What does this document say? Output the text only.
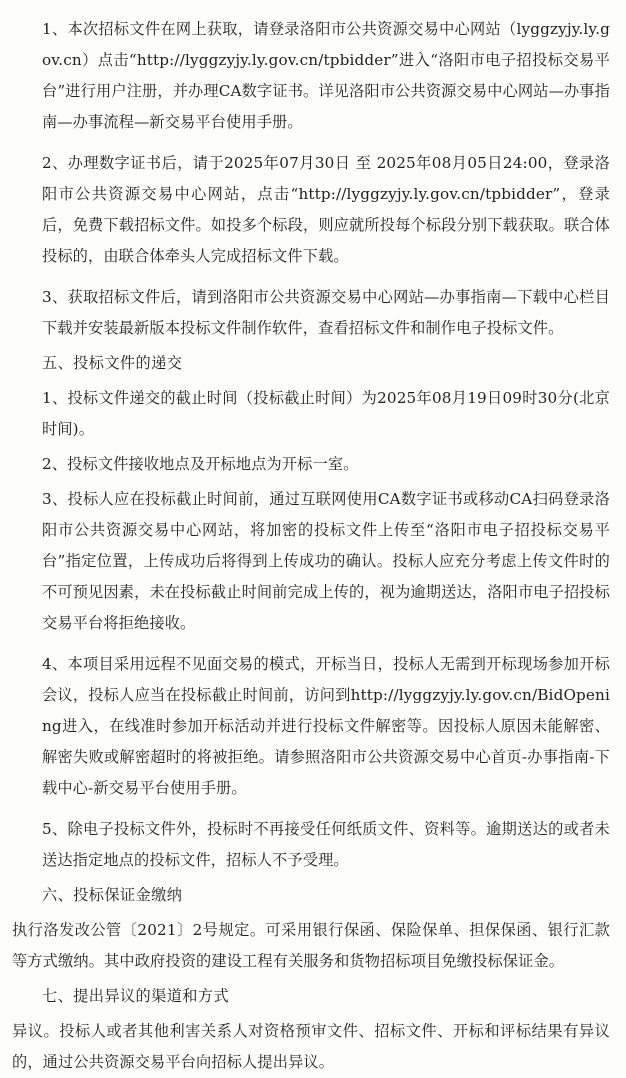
1、本次招标文件在网上获取，请登录洛阳市公共资源交易中心网站（lyggzyjy.ly.gov.cn）点击“http://lyggzyjy.ly.gov.cn/tpbidder”进入“洛阳市电子招投标交易平台”进行用户注册，并办理CA数字证书。详见洛阳市公共资源交易中心网站—办事指南—办事流程—新交易平台使用手册。

2、办理数字证书后，请于2025年07月30日 至 2025年08月05日24:00，登录洛阳市公共资源交易中心网站，点击“http://lyggzyjy.ly.gov.cn/tpbidder”，登录后，免费下载招标文件。如投多个标段，则应就所投每个标段分别下载获取。联合体投标的，由联合体牵头人完成招标文件下载。

3、获取招标文件后，请到洛阳市公共资源交易中心网站—办事指南—下载中心栏目下载并安装最新版本投标文件制作软件，查看招标文件和制作电子投标文件。

五、投标文件的递交

1、投标文件递交的截止时间（投标截止时间）为2025年08月19日09时30分(北京时间)。

2、投标文件接收地点及开标地点为开标一室。

3、投标人应在投标截止时间前，通过互联网使用CA数字证书或移动CA扫码登录洛阳市公共资源交易中心网站，将加密的投标文件上传至“洛阳市电子招投标交易平台”指定位置，上传成功后将得到上传成功的确认。投标人应充分考虑上传文件时的不可预见因素，未在投标截止时间前完成上传的，视为逾期送达，洛阳市电子招投标交易平台将拒绝接收。

4、本项目采用远程不见面交易的模式，开标当日，投标人无需到开标现场参加开标会议，投标人应当在投标截止时间前，访问到http://lyggzyjy.ly.gov.cn/BidOpening进入，在线准时参加开标活动并进行投标文件解密等。因投标人原因未能解密、解密失败或解密超时的将被拒绝。请参照洛阳市公共资源交易中心首页-办事指南-下载中心-新交易平台使用手册。

5、除电子投标文件外，投标时不再接受任何纸质文件、资料等。逾期送达的或者未送达指定地点的投标文件，招标人不予受理。

六、投标保证金缴纳

执行洛发改公管〔2021〕2号规定。可采用银行保函、保险保单、担保保函、银行汇款等方式缴纳。其中政府投资的建设工程有关服务和货物招标项目免缴投标保证金。

七、提出异议的渠道和方式

异议。投标人或者其他利害关系人对资格预审文件、招标文件、开标和评标结果有异议的，通过公共资源交易平台向招标人提出异议。
